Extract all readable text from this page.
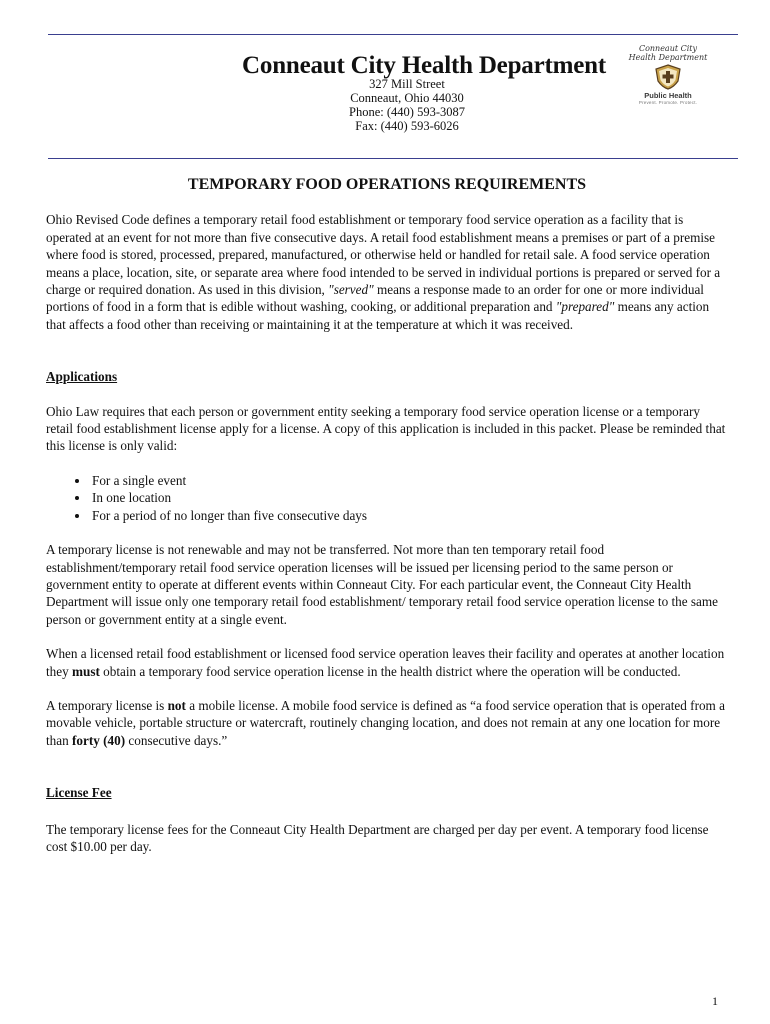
Conneaut City Health Department
327 Mill Street
Conneaut, Ohio 44030
Phone: (440) 593-3087
Fax: (440) 593-6026
Conneaut City
Health Department
Public Health
Prevent. Promote. Protect.
TEMPORARY FOOD OPERATIONS REQUIREMENTS

Ohio Revised Code defines a temporary retail food establishment or temporary food service operation as a facility that is operated at an event for not more than five consecutive days. A retail food establishment means a premises or part of a premise where food is stored, processed, prepared, manufactured, or otherwise held or handled for retail sale. A food service operation means a place, location, site, or separate area where food intended to be served in individual portions is prepared or served for a charge or required donation. As used in this division, "served" means a response made to an order for one or more individual portions of food in a form that is edible without washing, cooking, or additional preparation and "prepared" means any action that affects a food other than receiving or maintaining it at the temperature at which it was received.

Applications

Ohio Law requires that each person or government entity seeking a temporary food service operation license or a temporary retail food establishment license apply for a license. A copy of this application is included in this packet. Please be reminded that this license is only valid:

• For a single event
• In one location
• For a period of no longer than five consecutive days

A temporary license is not renewable and may not be transferred. Not more than ten temporary retail food establishment/temporary retail food service operation licenses will be issued per licensing period to the same person or government entity to operate at different events within Conneaut City. For each particular event, the Conneaut City Health Department will issue only one temporary retail food establishment/ temporary retail food service operation license to the same person or government entity at a single event.

When a licensed retail food establishment or licensed food service operation leaves their facility and operates at another location they must obtain a temporary food service operation license in the health district where the operation will be conducted.

A temporary license is not a mobile license. A mobile food service is defined as “a food service operation that is operated from a movable vehicle, portable structure or watercraft, routinely changing location, and does not remain at any one location for more than forty (40) consecutive days.”

License Fee

The temporary license fees for the Conneaut City Health Department are charged per day per event. A temporary food license cost $10.00 per day.

1
